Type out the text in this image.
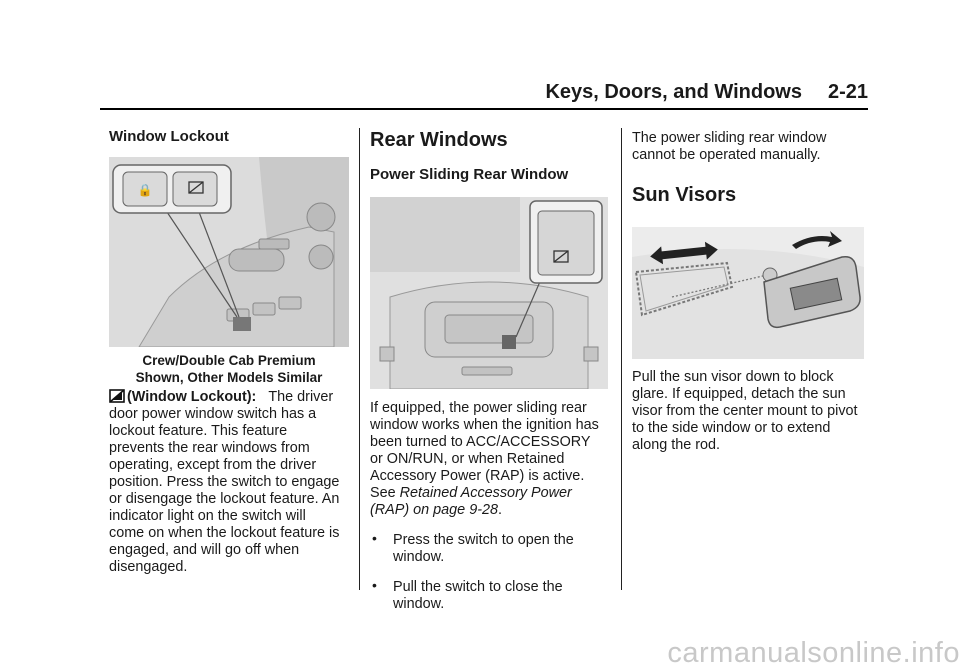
Keys, Doors, and Windows 2-21
Window Lockout
🔒
Crew/Double Cab Premium
Shown, Other Models Similar

(Window Lockout): The driver
door power window switch has a
lockout feature. This feature
prevents the rear windows from
operating, except from the driver
position. Press the switch to engage
or disengage the lockout feature. An
indicator light on the switch will
come on when the lockout feature is
engaged, and will go off when
disengaged.

Rear Windows
Power Sliding Rear Window

If equipped, the power sliding rear
window works when the ignition has
been turned to ACC/ACCESSORY
or ON/RUN, or when Retained
Accessory Power (RAP) is active.
See Retained Accessory Power
(RAP) on page 9-28.

• Press the switch to open the
window.
• Pull the switch to close the
window.

The power sliding rear window
cannot be operated manually.

Sun Visors

Pull the sun visor down to block
glare. If equipped, detach the sun
visor from the center mount to pivot
to the side window or to extend
along the rod.

carmanualsonline.info
